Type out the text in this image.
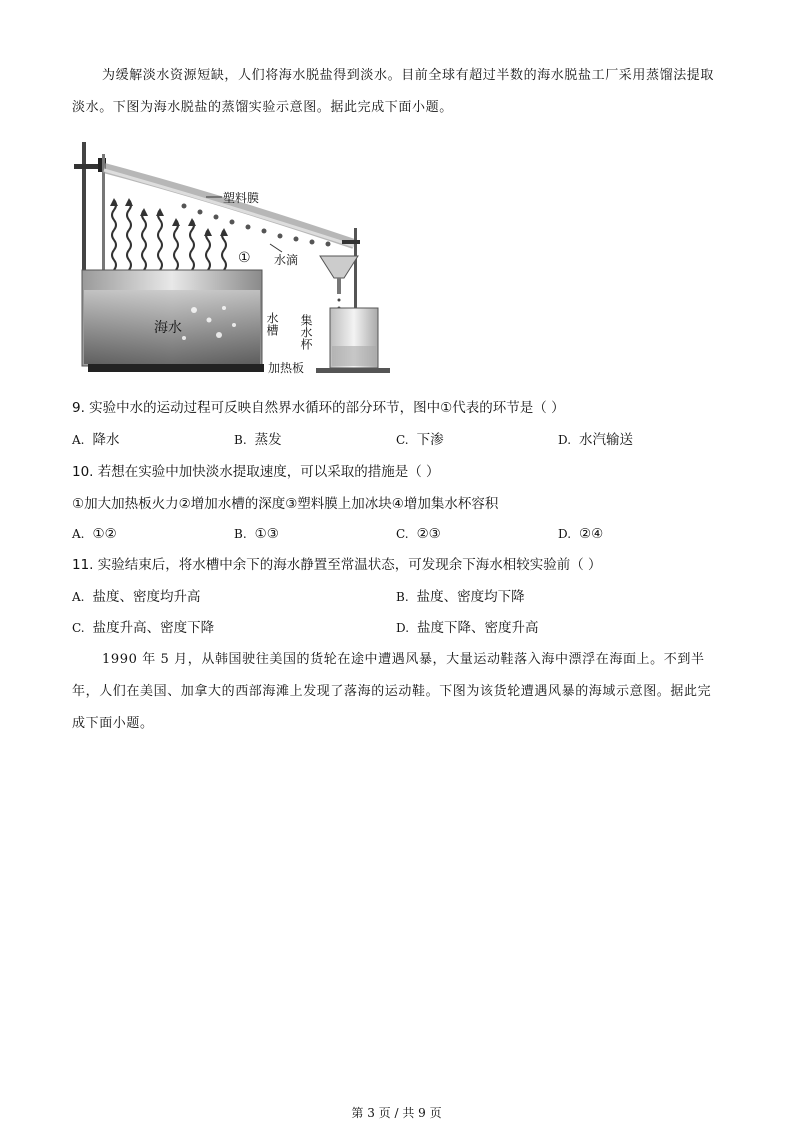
为缓解淡水资源短缺，人们将海水脱盐得到淡水。目前全球有超过半数的海水脱盐工厂采用蒸馏法提取淡水。下图为海水脱盐的蒸馏实验示意图。据此完成下面小题。
塑料膜
① 水滴
海水	水槽
加热板
集水杯
9. 实验中水的运动过程可反映自然界水循环的部分环节，图中①代表的环节是（ ）
A. 降水	B. 蒸发	C. 下渗	D. 水汽输送
10. 若想在实验中加快淡水提取速度，可以采取的措施是（ ）
①加大加热板火力②增加水槽的深度③塑料膜上加冰块④增加集水杯容积
A. ①②	B. ①③	C. ②③	D. ②④
11. 实验结束后，将水槽中余下的海水静置至常温状态，可发现余下海水相较实验前（ ）
A. 盐度、密度均升高	B. 盐度、密度均下降
C. 盐度升高、密度下降	D. 盐度下降、密度升高
1990 年 5 月，从韩国驶往美国的货轮在途中遭遇风暴，大量运动鞋落入海中漂浮在海面上。不到半年，人们在美国、加拿大的西部海滩上发现了落海的运动鞋。下图为该货轮遭遇风暴的海域示意图。据此完成下面小题。
第 3 页 / 共 9 页
